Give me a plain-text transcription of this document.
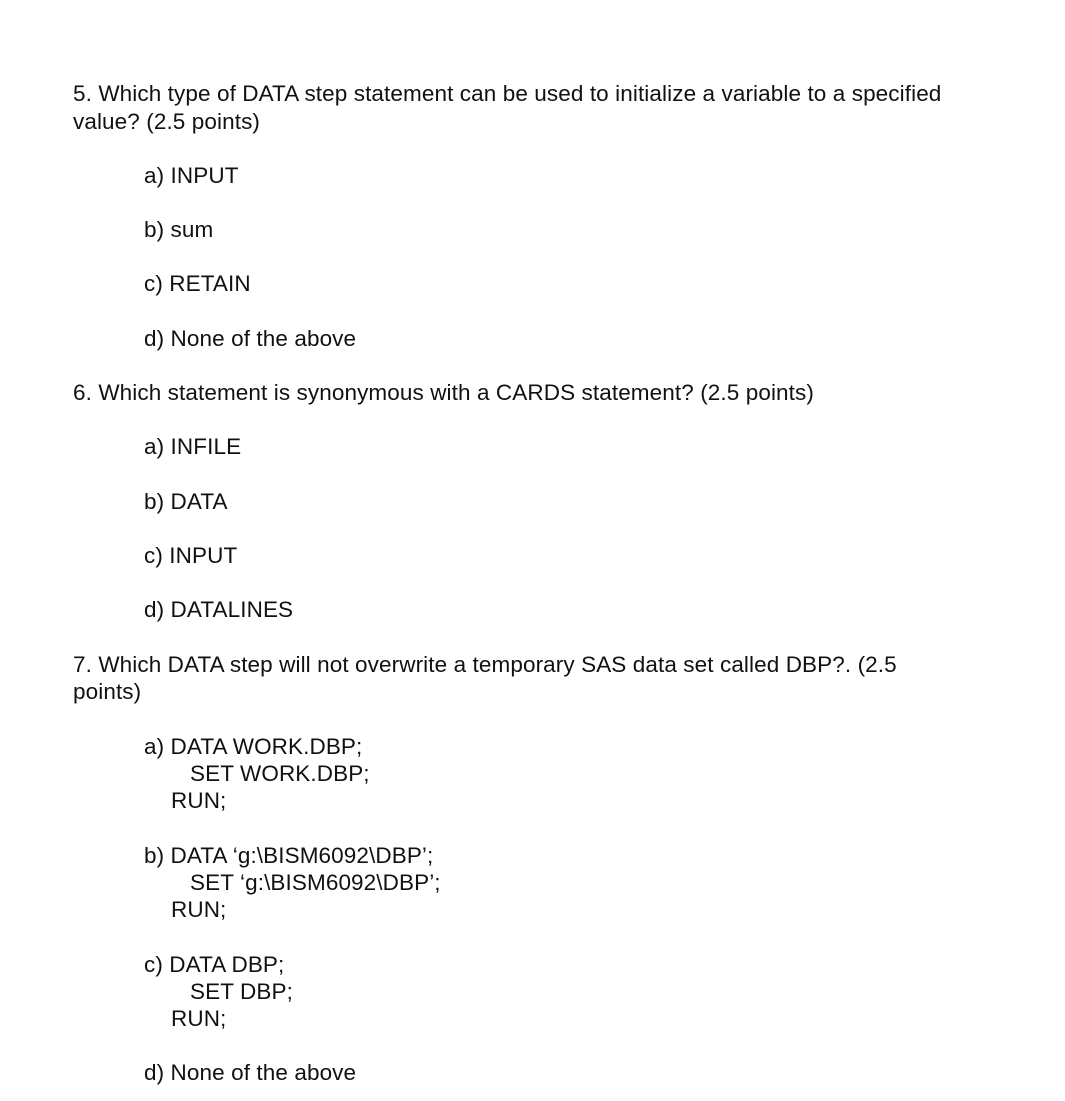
5. Which type of DATA step statement can be used to initialize a variable to a specified
value? (2.5 points)
a) INPUT
b) sum
c) RETAIN
d) None of the above
6. Which statement is synonymous with a CARDS statement? (2.5 points)
a) INFILE
b) DATA
c) INPUT
d) DATALINES
7. Which DATA step will not overwrite a temporary SAS data set called DBP?. (2.5
points)
a) DATA WORK.DBP;
SET WORK.DBP;
RUN;
b) DATA ‘g:\BISM6092\DBP’;
SET ‘g:\BISM6092\DBP’;
RUN;
c) DATA DBP;
SET DBP;
RUN;
d) None of the above
